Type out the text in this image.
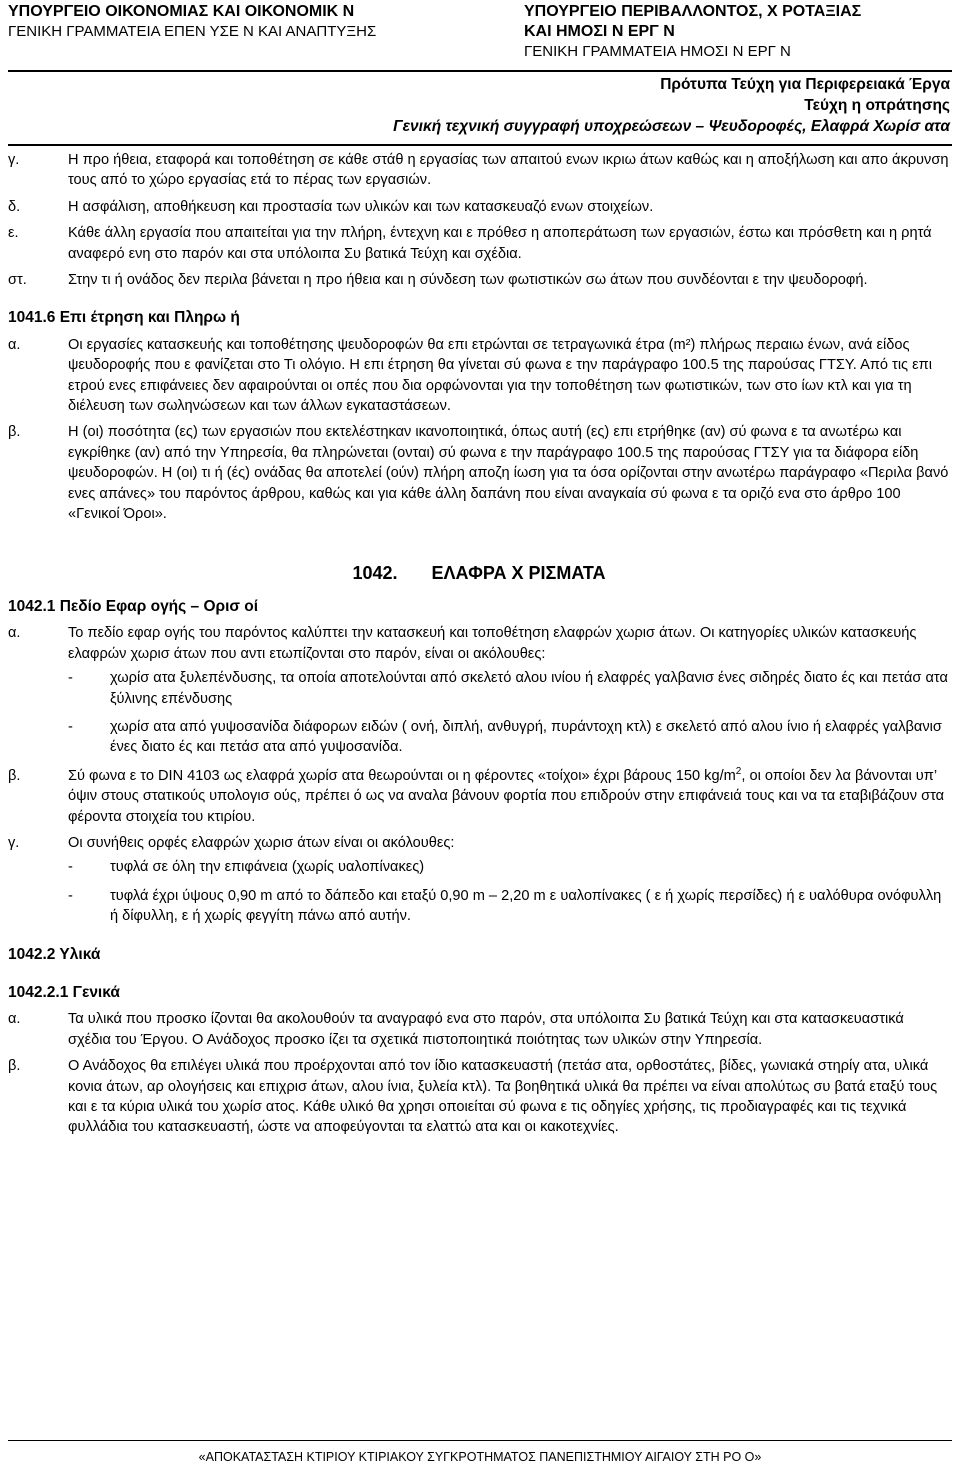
ΥΠΟΥΡΓΕΙΟ ΟΙΚΟΝΟΜΙΑΣ ΚΑΙ ΟΙΚΟΝΟΜΙΚ Ν
ΓΕΝΙΚΗ ΓΡΑΜΜΑΤΕΙΑ ΕΠΕΝ ΥΣΕ Ν ΚΑΙ ΑΝΑΠΤΥΞΗΣ
ΥΠΟΥΡΓΕΙΟ ΠΕΡΙΒΑΛΛΟΝΤΟΣ, Χ ΡΟΤΑΞΙΑΣ
ΚΑΙ ΗΜΟΣΙ Ν ΕΡΓ Ν
ΓΕΝΙΚΗ ΓΡΑΜΜΑΤΕΙΑ ΗΜΟΣΙ Ν ΕΡΓ Ν
Πρότυπα Τεύχη για Περιφερειακά Έργα
Τεύχη η οπράτησης
Γενική τεχνική συγγραφή υποχρεώσεων – Ψευδοροφές, Ελαφρά Χωρίσ ατα
γ.	Η προ ήθεια, εταφορά και τοποθέτηση σε κάθε στάθ η εργασίας των απαιτού ενων ικριω άτων καθώς και η αποξήλωση και απο άκρυνση τους από το χώρο εργασίας ετά το πέρας των εργασιών.
δ.	Η ασφάλιση, αποθήκευση και προστασία των υλικών και των κατασκευαζό ενων στοιχείων.
ε.	Κάθε άλλη εργασία που απαιτείται για την πλήρη, έντεχνη και ε πρόθεσ η αποπεράτωση των εργασιών, έστω και πρόσθετη και η ρητά αναφερό ενη στο παρόν και στα υπόλοιπα Συ βατικά Τεύχη και σχέδια.
στ.	Στην τι ή ονάδος δεν περιλα βάνεται η προ ήθεια και η σύνδεση των φωτιστικών σω άτων που συνδέονται ε την ψευδοροφή.
1041.6 Επι έτρηση και Πληρω ή
α.	Οι εργασίες κατασκευής και τοποθέτησης ψευδοροφών θα επι ετρώνται σε τετραγωνικά έτρα (m²) πλήρως περαιω ένων, ανά είδος ψευδοροφής που ε φανίζεται στο Τι ολόγιο. Η επι έτρηση θα γίνεται σύ φωνα ε την παράγραφο 100.5 της παρούσας ΓΤΣΥ. Από τις επι ετρού ενες επιφάνειες δεν αφαιρούνται οι οπές που δια ορφώνονται για την τοποθέτηση των φωτιστικών, των στο ίων κτλ και για τη διέλευση των σωληνώσεων και των άλλων εγκαταστάσεων.
β.	Η (οι) ποσότητα (ες) των εργασιών που εκτελέστηκαν ικανοποιητικά, όπως αυτή (ες) επι ετρήθηκε (αν) σύ φωνα ε τα ανωτέρω και εγκρίθηκε (αν) από την Υπηρεσία, θα πληρώνεται (ονται) σύ φωνα ε την παράγραφο 100.5 της παρούσας ΓΤΣΥ για τα διάφορα είδη ψευδοροφών. Η (οι) τι ή (ές) ονάδας θα αποτελεί (ούν) πλήρη αποζη ίωση για τα όσα ορίζονται στην ανωτέρω παράγραφο «Περιλα βανό ενες απάνες» του παρόντος άρθρου, καθώς και για κάθε άλλη δαπάνη που είναι αναγκαία σύ φωνα ε τα οριζό ενα στο άρθρο 100 «Γενικοί Όροι».
1042. ΕΛΑΦΡΑ Χ ΡΙΣΜΑΤΑ
1042.1 Πεδίο Εφαρ ογής – Ορισ οί
α.	Το πεδίο εφαρ ογής του παρόντος καλύπτει την κατασκευή και τοποθέτηση ελαφρών χωρισ άτων. Οι κατηγορίες υλικών κατασκευής ελαφρών χωρισ άτων που αντι ετωπίζονται στο παρόν, είναι οι ακόλουθες:
-	χωρίσ ατα ξυλεπένδυσης, τα οποία αποτελούνται από σκελετό αλου ινίου ή ελαφρές γαλβανισ ένες σιδηρές διατο ές και πετάσ ατα ξύλινης επένδυσης
-	χωρίσ ατα από γυψοσανίδα διάφορων ειδών ( ονή, διπλή, ανθυγρή, πυράντοχη κτλ) ε σκελετό από αλου ίνιο ή ελαφρές γαλβανισ ένες διατο ές και πετάσ ατα από γυψοσανίδα.
β.	Σύ φωνα ε το DIN 4103 ως ελαφρά χωρίσ ατα θεωρούνται οι η φέροντες «τοίχοι» έχρι βάρους 150 $kg/m^2$, οι οποίοι δεν λα βάνονται υπ’ όψιν στους στατικούς υπολογισ ούς, πρέπει ό ως να αναλα βάνουν φορτία που επιδρούν στην επιφάνειά τους και να τα εταβιβάζουν στα φέροντα στοιχεία του κτιρίου.
γ.	Οι συνήθεις ορφές ελαφρών χωρισ άτων είναι οι ακόλουθες:
-	τυφλά σε όλη την επιφάνεια (χωρίς υαλοπίνακες)
-	τυφλά έχρι ύψους 0,90 m από το δάπεδο και εταξύ 0,90 m – 2,20 m ε υαλοπίνακες ( ε ή χωρίς περσίδες) ή ε υαλόθυρα ονόφυλλη ή δίφυλλη, ε ή χωρίς φεγγίτη πάνω από αυτήν.
1042.2 Υλικά
1042.2.1 Γενικά
α.	Τα υλικά που προσκο ίζονται θα ακολουθούν τα αναγραφό ενα στο παρόν, στα υπόλοιπα Συ βατικά Τεύχη και στα κατασκευαστικά σχέδια του Έργου. Ο Ανάδοχος προσκο ίζει τα σχετικά πιστοποιητικά ποιότητας των υλικών στην Υπηρεσία.
β.	Ο Ανάδοχος θα επιλέγει υλικά που προέρχονται από τον ίδιο κατασκευαστή (πετάσ ατα, ορθοστάτες, βίδες, γωνιακά στηρίγ ατα, υλικά κονια άτων, αρ ολογήσεις και επιχρισ άτων, αλου ίνια, ξυλεία κτλ). Τα βοηθητικά υλικά θα πρέπει να είναι απολύτως συ βατά εταξύ τους και ε τα κύρια υλικά του χωρίσ ατος. Κάθε υλικό θα χρησι οποιείται σύ φωνα ε τις οδηγίες χρήσης, τις προδιαγραφές και τις τεχνικά φυλλάδια του κατασκευαστή, ώστε να αποφεύγονται τα ελαττώ ατα και οι κακοτεχνίες.
«ΑΠΟΚΑΤΑΣΤΑΣΗ ΚΤΙΡΙΟΥ ΚΤΙΡΙΑΚΟΥ ΣΥΓΚΡΟΤΗΜΑΤΟΣ ΠΑΝΕΠΙΣΤΗΜΙΟΥ ΑΙΓΑΙΟΥ ΣΤΗ ΡΟ Ο»
